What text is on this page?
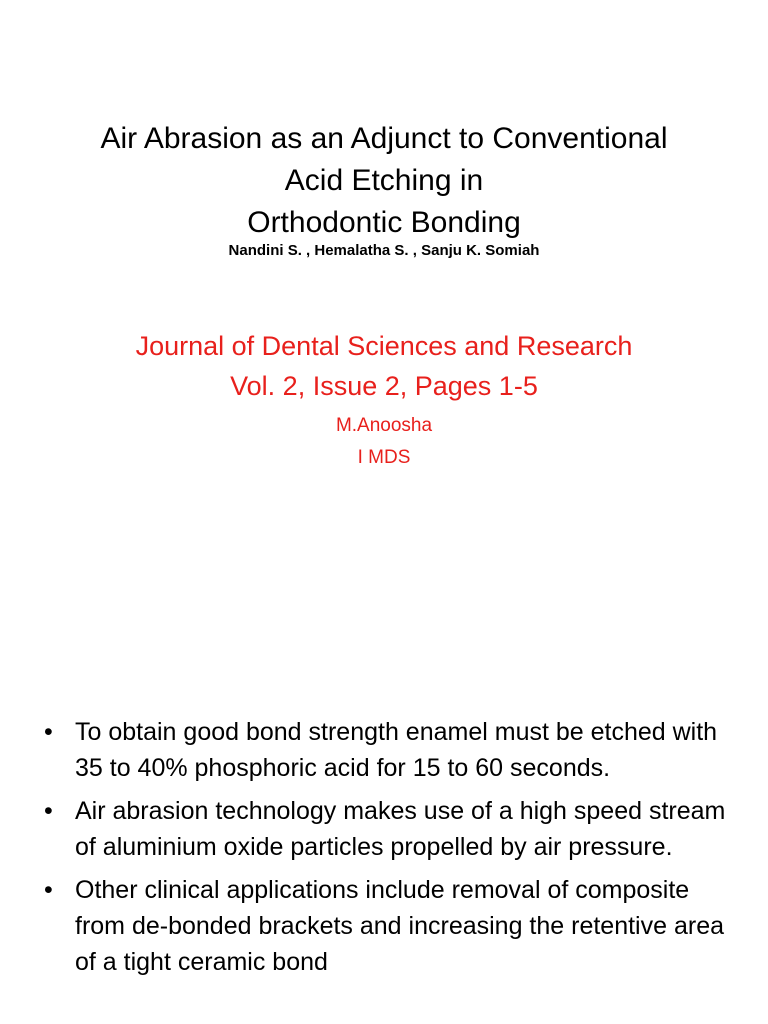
Air Abrasion as an Adjunct to Conventional
Acid Etching in
Orthodontic Bonding

Nandini S. , Hemalatha S. , Sanju K. Somiah

Journal of Dental Sciences and Research
Vol. 2, Issue 2, Pages 1-5

M.Anoosha
I MDS

• To obtain good bond strength enamel must be etched with 35 to 40% phosphoric acid for 15 to 60 seconds.
• Air abrasion technology makes use of a high speed stream of aluminium oxide particles propelled by air pressure.
• Other clinical applications include removal of composite from de-bonded brackets and increasing the retentive area of a tight ceramic bond
